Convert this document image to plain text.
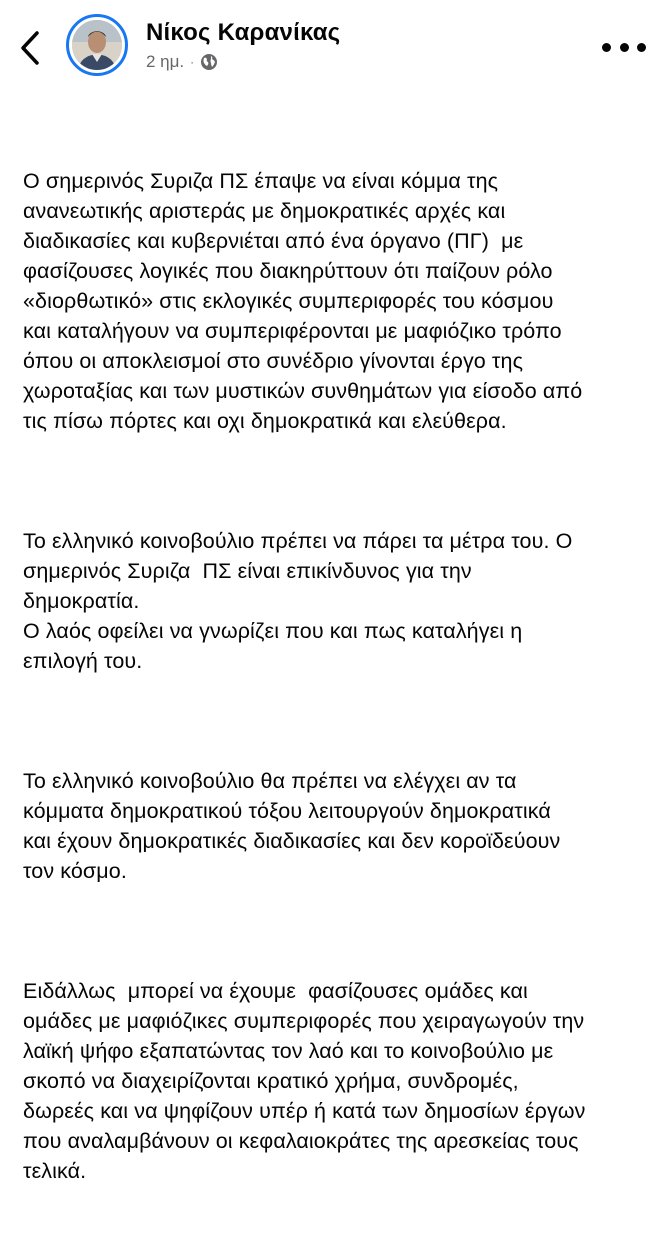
Νίκος Καρανίκας
2 ημ. ·

Ο σημερινός Συριζα ΠΣ έπαψε να είναι κόμμα της
ανανεωτικής αριστεράς με δημοκρατικές αρχές και
διαδικασίες και κυβερνιέται από ένα όργανο (ΠΓ)  με
φασίζουσες λογικές που διακηρύττουν ότι παίζουν ρόλο
«διορθωτικό» στις εκλογικές συμπεριφορές του κόσμου
και καταλήγουν να συμπεριφέρονται με μαφιόζικο τρόπο
όπου οι αποκλεισμοί στο συνέδριο γίνονται έργο της
χωροταξίας και των μυστικών συνθημάτων για είσοδο από
τις πίσω πόρτες και οχι δημοκρατικά και ελεύθερα.

Το ελληνικό κοινοβούλιο πρέπει να πάρει τα μέτρα του. Ο
σημερινός Συριζα  ΠΣ είναι επικίνδυνος για την
δημοκρατία.
Ο λαός οφείλει να γνωρίζει που και πως καταλήγει η
επιλογή του.

Το ελληνικό κοινοβούλιο θα πρέπει να ελέγχει αν τα
κόμματα δημοκρατικού τόξου λειτουργούν δημοκρατικά
και έχουν δημοκρατικές διαδικασίες και δεν κοροϊδεύουν
τον κόσμο.

Ειδάλλως  μπορεί να έχουμε  φασίζουσες ομάδες και
ομάδες με μαφιόζικες συμπεριφορές που χειραγωγούν την
λαϊκή ψήφο εξαπατώντας τον λαό και το κοινοβούλιο με
σκοπό να διαχειρίζονται κρατικό χρήμα, συνδρομές,
δωρεές και να ψηφίζουν υπέρ ή κατά των δημοσίων έργων
που αναλαμβάνουν οι κεφαλαιοκράτες της αρεσκείας τους
τελικά.
